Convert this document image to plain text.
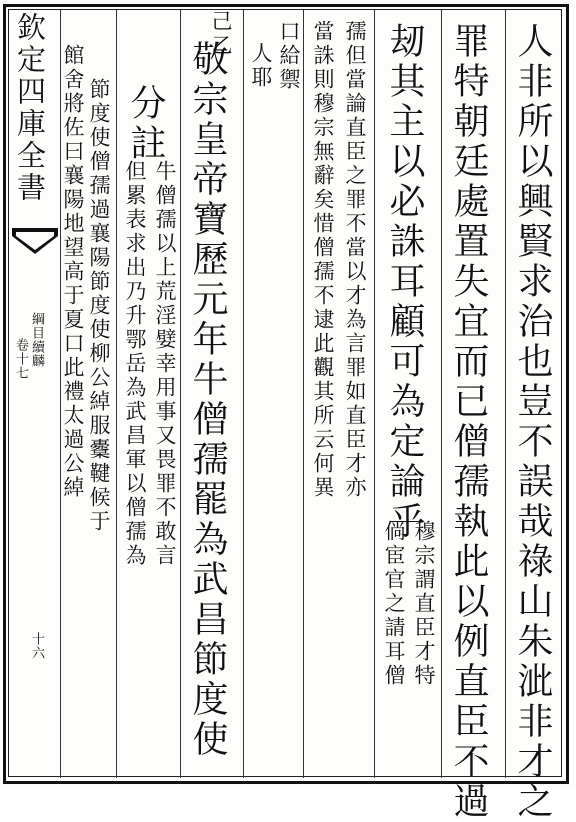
欽定四庫全書
綱目續麟
卷十七
十六	人非所以興賢求治也豈不誤哉祿山朱泚非才之
罪特朝廷處置失宜而已僧孺執此以例直臣不過
刼其主以必誅耳顧可為定論乎
穆宗謂直臣才特
倘宦官之請耳僧
孺但當論直臣之罪不當以才為言罪如直臣才亦
當誅則穆宗無辭矣惜僧孺不逮此觀其所云何異
口給禦
人耶
己乙
敬宗皇帝寶歷元年牛僧孺罷為武昌節度使
分註
牛僧孺以上荒淫嬖幸用事又畏罪不敢言
但累表求出乃升鄂岳為武昌軍以僧孺為
節度使僧孺過襄陽節度使柳公綽服櫜鞬候于
館舍將佐曰襄陽地望高于夏口此禮太過公綽
